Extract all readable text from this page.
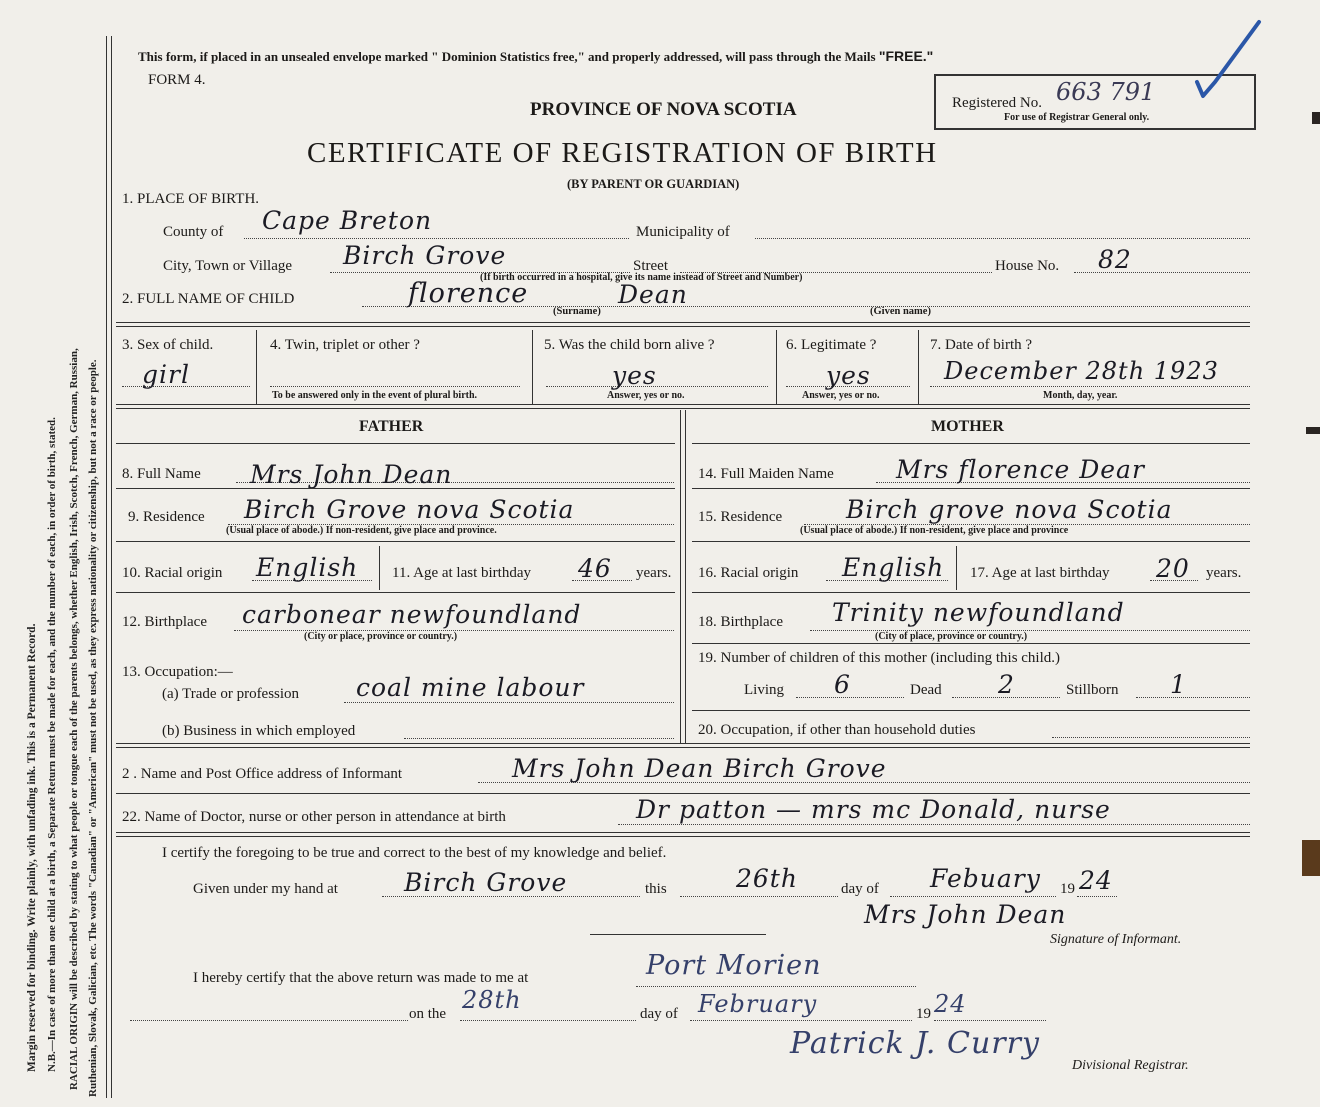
Margin reserved for binding. Write plainly, with unfading ink. This is a Permanent Record. N.B.—In case of more than one child at a birth, a Separate Return must be made for each, and the number of each, in order of birth, stated. RACIAL ORIGIN will be described by stating to what people or tongue each of the parents belongs, whether English, Irish, Scotch, French, German, Russian, Ruthenian, Slovak, Galician, etc. The words "Canadian" or "American" must not be used, as they express nationality or citizenship, but not a race or people.
This form, if placed in an unsealed envelope marked " Dominion Statistics free," and properly addressed, will pass through the Mails "FREE."
FORM 4.
PROVINCE OF NOVA SCOTIA
CERTIFICATE OF REGISTRATION OF BIRTH
(BY PARENT OR GUARDIAN)
Registered No. 663 791
For use of Registrar General only.
1. PLACE OF BIRTH.
County of Cape Breton	Municipality of
City, Town or Village Birch Grove	Street
(If birth occurred in a hospital, give its name instead of Street and Number)
House No. 82
2. FULL NAME OF CHILD	florence	Dean
(Surname)	(Given name)
3. Sex of child.
girl
4. Twin, triplet or other ?
To be answered only in the event of plural birth.
5. Was the child born alive ?
yes
Answer, yes or no.
6. Legitimate ?
yes
Answer, yes or no.
7. Date of birth ?
December 28th 1923
Month, day, year.
FATHER	MOTHER
8. Full Name Mrs John Dean	14. Full Maiden Name Mrs florence Dear
9. Residence Birch Grove nova Scotia
(Usual place of abode.) If non-resident, give place and province.
15. Residence	Birch grove nova Scotia
(Usual place of abode.) If non-resident, give place and province
10. Racial origin English 11. Age at last birthday 46 years. 16. Racial origin English 17. Age at last birthday 20 years.
12. Birthplace carbonear newfoundland
(City or place, province or country.)
18. Birthplace Trinity newfoundland
(City of place, province or country.)
13. Occupation:—
(a) Trade or profession coal mine labour
(b) Business in which employed
19. Number of children of this mother (including this child.)
Living 6	Dead 2	Stillborn 1
20. Occupation, if other than household duties
2 . Name and Post Office address of Informant	Mrs John Dean Birch Grove
22. Name of Doctor, nurse or other person in attendance at birth	Dr patton — mrs mc Donald, nurse
I certify the foregoing to be true and correct to the best of my knowledge and belief.
Given under my hand at	Birch Grove	this	26th	day of Febuary 19 24
Mrs John Dean
Signature of Informant.
I hereby certify that the above return was made to me at	Port Morien
on the 28th	day of February	19 24
Patrick J. Curry
Divisional Registrar.
